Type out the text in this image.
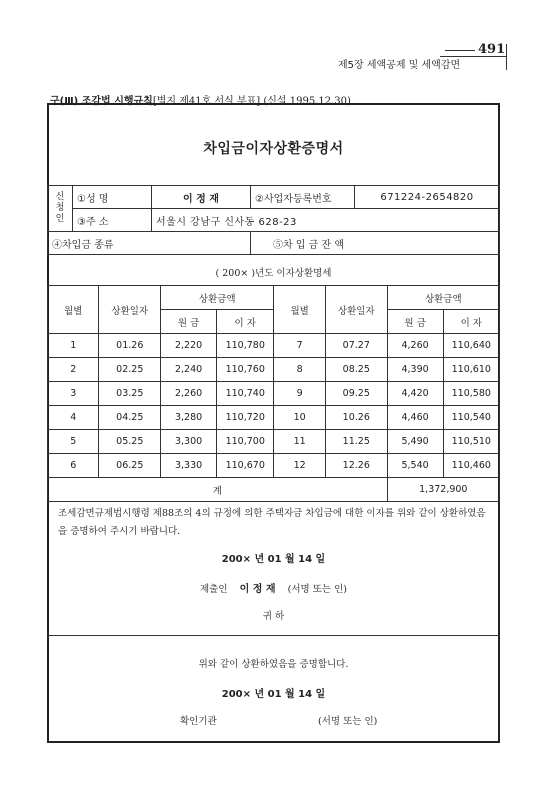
491
제5장 세액공제 및 세액감면
구(Ⅲ) 조감법 시행규칙[별지 제41호 서식 부표] (신설 1995.12.30)
차입금이자상환증명서
신
청
인	①성 명	이 정 재	②사업자등록번호	671224-2654820
	③주 소	서울시 강남구 신사동 628-23		
④차입금 종류			⑤차 입 금 잔 액	
( 200× )년도 이자상환명세
월별	상환일자	상환금액		월별	상환일자	상환금액	
		원 금	이 자			원 금	이 자
1	01.26	2,220	110,780	7	07.27	4,260	110,640
2	02.25	2,240	110,760	8	08.25	4,390	110,610
3	03.25	2,260	110,740	9	09.25	4,420	110,580
4	04.25	3,280	110,720	10	10.26	4,460	110,540
5	05.25	3,300	110,700	11	11.25	5,490	110,510
6	06.25	3,330	110,670	12	12.26	5,540	110,460
계						1,372,900	
조세감면규제법시행령 제88조의 4의 규정에 의한 주택자금 차입금에 대한 이자를 위와 같이 상환하였음을 증명하여 주시기 바랍니다.
200× 년 01 월 14 일
제출인 이 정 재 (서명 또는 인)
귀 하
위와 같이 상환하였음을 증명합니다.
200× 년 01 월 14 일
확인기관	(서명 또는 인)
